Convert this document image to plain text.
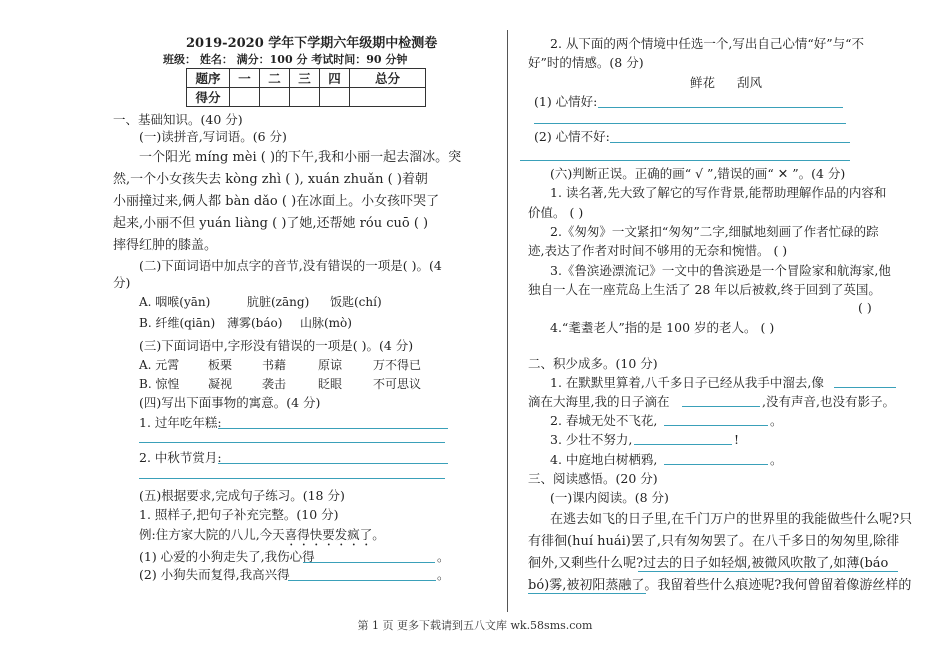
2019-2020 学年下学期六年级期中检测卷
班级： 姓名： 满分：100 分 考试时间：90 分钟
题序	一	二	三	四	总分
得分					
一、基础知识。(40 分)
(一)读拼音,写词语。(6 分)
一个阳光 míng mèi ( )的下午,我和小丽一起去溜冰。突
然,一个小女孩失去 kòng zhì ( ), xuán zhuǎn ( )着朝
小丽撞过来,俩人都 bàn dǎo ( )在冰面上。小女孩吓哭了
起来,小丽不但 yuán liàng ( )了她,还帮她 róu cuō ( )
摔得红肿的膝盖。
(二)下面词语中加点字的音节,没有错误的一项是( )。(4
分)
A. 咽喉(yān)	肮脏(zāng) 饭匙(chí)
B. 纤维(qiān) 薄雾(báo) 山脉(mò)
(三)下面词语中,字形没有错误的一项是( )。(4 分)
A. 元霄 板栗 书藉	原谅	万不得已
B. 惊惶 凝视 袭击	眨眼	不可思议
(四)写出下面事物的寓意。(4 分)
1. 过年吃年糕:
2. 中秋节赏月:
(五)根据要求,完成句子练习。(18 分)
1. 照样子,把句子补充完整。(10 分)
例:住方家大院的八儿,今天喜得快要发疯了。
(1) 心爱的小狗走失了,我伤心得	。
(2) 小狗失而复得,我高兴得	。
2. 从下面的两个情境中任选一个,写出自己心情“好”与“不
好”时的情感。(8 分)
鲜花 刮风
(1) 心情好:
(2) 心情不好:
(六)判断正误。正确的画“ √ ”,错误的画“ ✕ ”。(4 分)
1. 读名著,先大致了解它的写作背景,能帮助理解作品的内容和
价值。 ( )
2.《匆匆》一文紧扣“匆匆”二字,细腻地刻画了作者忙碌的踪
迹,表达了作者对时间不够用的无奈和惋惜。 ( )
3.《鲁滨逊漂流记》一文中的鲁滨逊是一个冒险家和航海家,他
独自一人在一座荒岛上生活了 28 年以后被救,终于回到了英国。
( )
4.“耄耋老人”指的是 100 岁的老人。 ( )
二、积少成多。(10 分)
1. 在默默里算着,八千多日子已经从我手中溜去,像
滴在大海里,我的日子滴在	,没有声音,也没有影子。
2. 春城无处不飞花,	。
3. 少壮不努力,	!
4. 中庭地白树栖鸦,	。
三、阅读感悟。(20 分)
(一)课内阅读。(8 分)
在逃去如飞的日子里,在千门万户的世界里的我能做些什么呢?只
有徘徊(huí huái)罢了,只有匆匆罢了。在八千多日的匆匆里,除徘
徊外,又剩些什么呢?过去的日子如轻烟,被微风吹散了,如薄(báo
bó)雾,被初阳蒸融了。我留着些什么痕迹呢?我何曾留着像游丝样的
第 1 页 更多下载请到五八文库 wk.58sms.com
